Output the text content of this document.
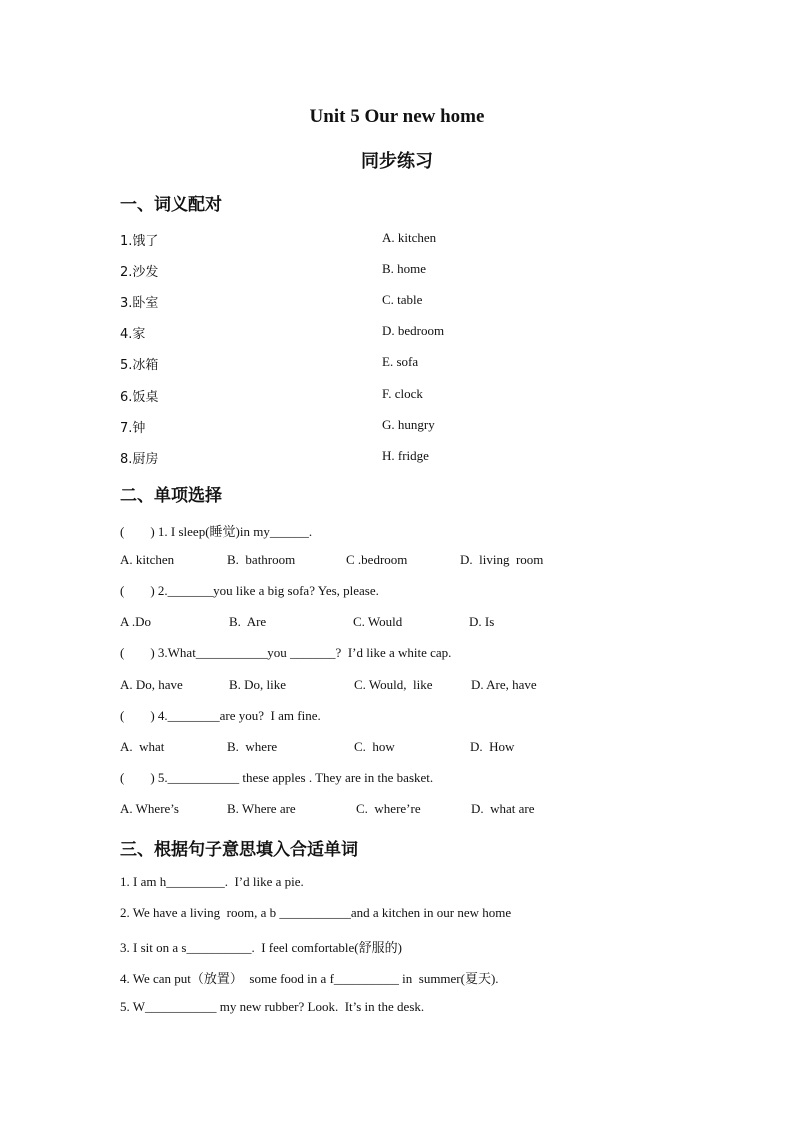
Unit 5 Our new home
同步练习
一、词义配对
1.饿了	A. kitchen
2.沙发	B. home
3.卧室	C. table
4.家	D. bedroom
5.冰箱	E. sofa
6.饭桌	F. clock
7.钟	G. hungry
8.厨房	H. fridge
二、单项选择
(        ) 1. I sleep(睡觉)in my______.
A. kitchen	B.  bathroom	C .bedroom	D.  living  room
(        ) 2._______you like a big sofa? Yes, please.
A .Do	B.  Are	C. Would	D. Is
(        ) 3.What___________you _______?  I’d like a white cap.
A. Do, have	B. Do, like	C. Would,  like	D. Are, have
(        ) 4.________are you?  I am fine.
A.  what	B.  where	C.  how	D.  How
(        ) 5.___________ these apples . They are in the basket.
A. Where’s	B. Where are	C.  where’re	D.  what are
三、根据句子意思填入合适单词
1. I am h_________.  I’d like a pie.
2. We have a living  room, a b ___________and a kitchen in our new home
3. I sit on a s__________.  I feel comfortable(舒服的)
4. We can put（放置）  some food in a f__________ in  summer(夏天).
5. W___________ my new rubber? Look.  It’s in the desk.
